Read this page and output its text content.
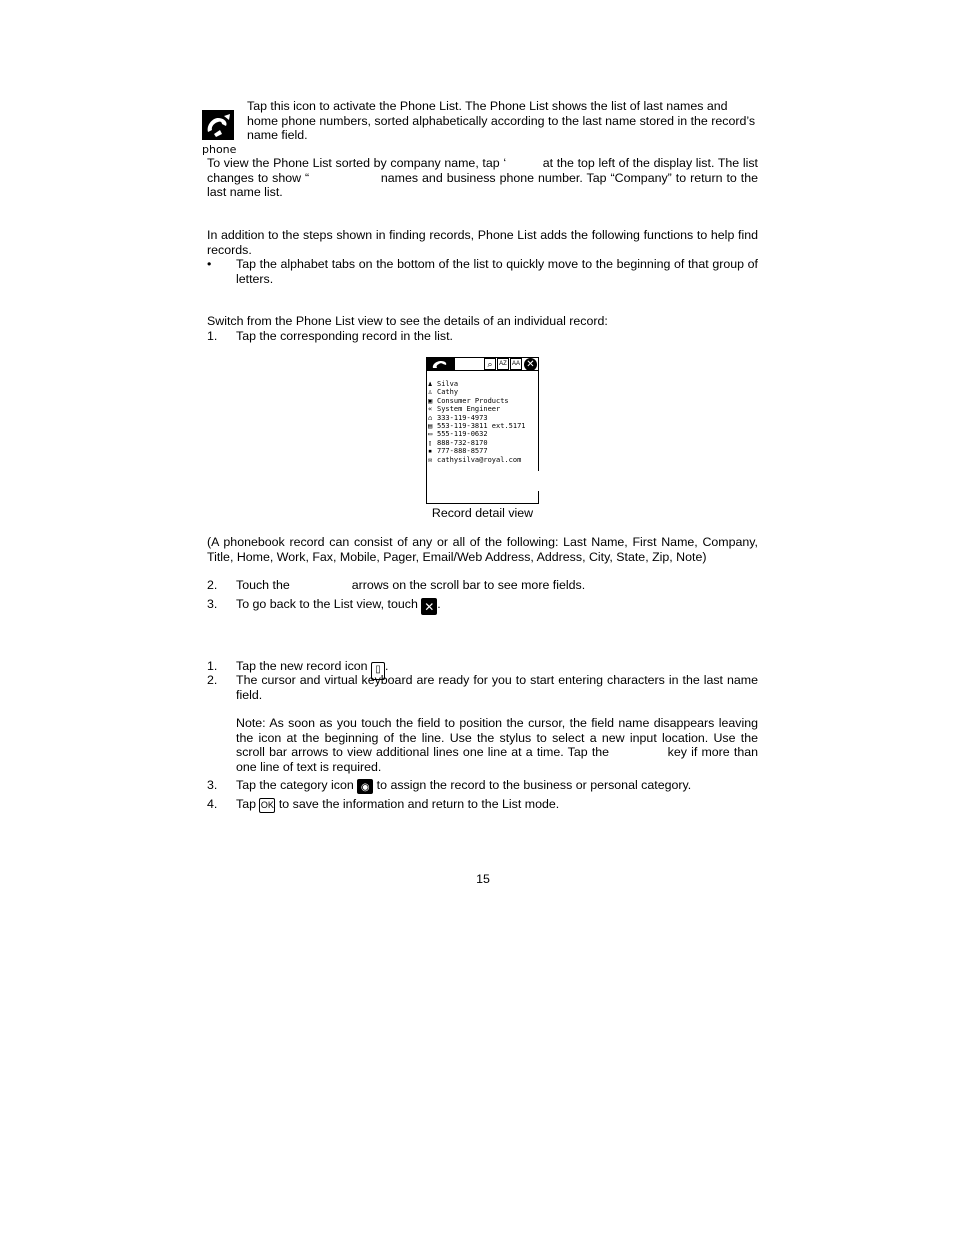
phone

Tap this icon to activate the Phone List. The Phone List shows the list of last names and home phone numbers, sorted alphabetically according to the last name stored in the record’s name field.

To view the Phone List sorted by company name, tap ‘          at the top left of the display list. The list changes to show “                  names and business phone number. Tap “Company” to return to the last name list.

In addition to the steps shown in finding records, Phone List adds the following functions to help find records.

• Tap the alphabet tabs on the bottom of the list to quickly move to the beginning of that group of letters.

Switch from the Phone List view to see the details of an individual record:

1. Tap the corresponding record in the list.
⌕	AZ AA ✕
♟ Silva
♙ Cathy
▣ Consumer Products
« System Engineer
⌂ 333-119-4973
▤ 553-119-3811 ext.5171
▭ 555-119-0632
▯ 888-732-8170
▪ 777-888-8577
✉ cathysilva@royal.com
Record detail view

(A phonebook record can consist of any or all of the following: Last Name, First Name, Company, Title, Home, Work, Fax, Mobile, Pager, Email/Web Address, Address, City, State, Zip, Note)

2. Touch the                  arrows on the scroll bar to see more fields.
3. To go back to the List view, touch ✕ .
1. Tap the new record icon ▯ .
2. The cursor and virtual keyboard are ready for you to start entering characters in the last name field.
Note: As soon as you touch the field to position the cursor, the field name disappears leaving the icon at the beginning of the line. Use the stylus to select a new input location. Use the                scroll bar arrows to view additional lines one line at a time. Tap the              key if more than one line of text is required.
3. Tap the category icon ◉ to assign the record to the business or personal category.
4. Tap OK to save the information and return to the List mode.
15
